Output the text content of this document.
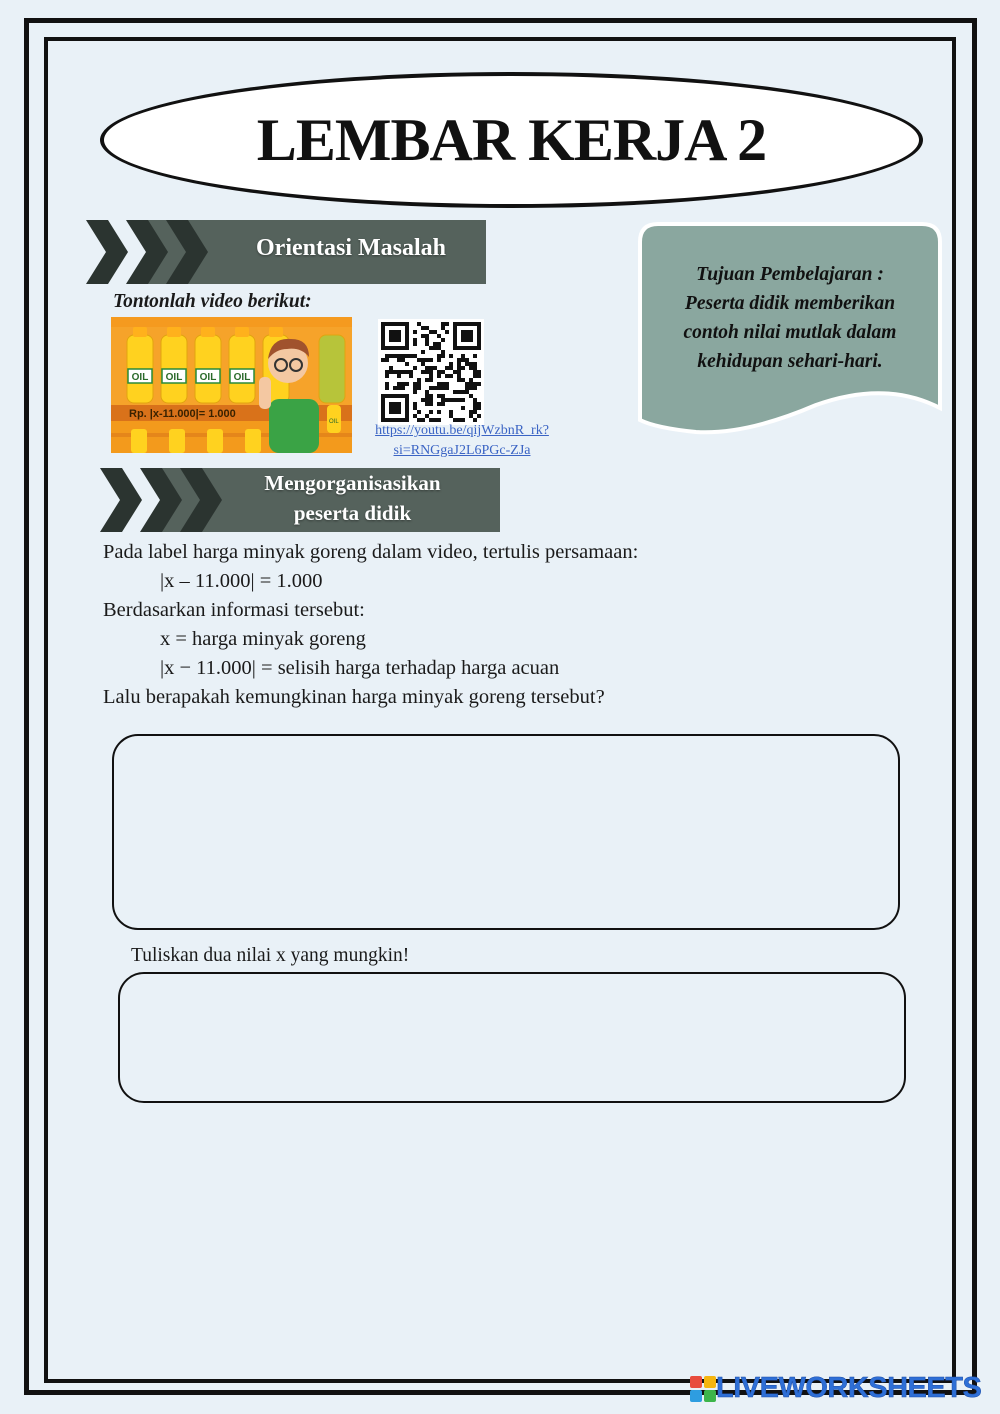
LEMBAR KERJA 2
Orientasi Masalah
Tujuan Pembelajaran :
Peserta didik memberikan
contoh nilai mutlak dalam
kehidupan sehari-hari.
Tontonlah video berikut:
OIL OIL OIL OIL
Rp. |x-11.000|= 1.000
OIL
https://youtu.be/qijWzbnR_rk?
si=RNGgaJ2L6PGc-ZJa
Mengorganisasikan
peserta didik
Pada label harga minyak goreng dalam video, tertulis persamaan:
|x – 11.000| = 1.000
Berdasarkan informasi tersebut:
x = harga minyak goreng
|x − 11.000| = selisih harga terhadap harga acuan
Lalu berapakah kemungkinan harga minyak goreng tersebut?
Tuliskan dua nilai x yang mungkin!
LIVEWORKSHEETS
